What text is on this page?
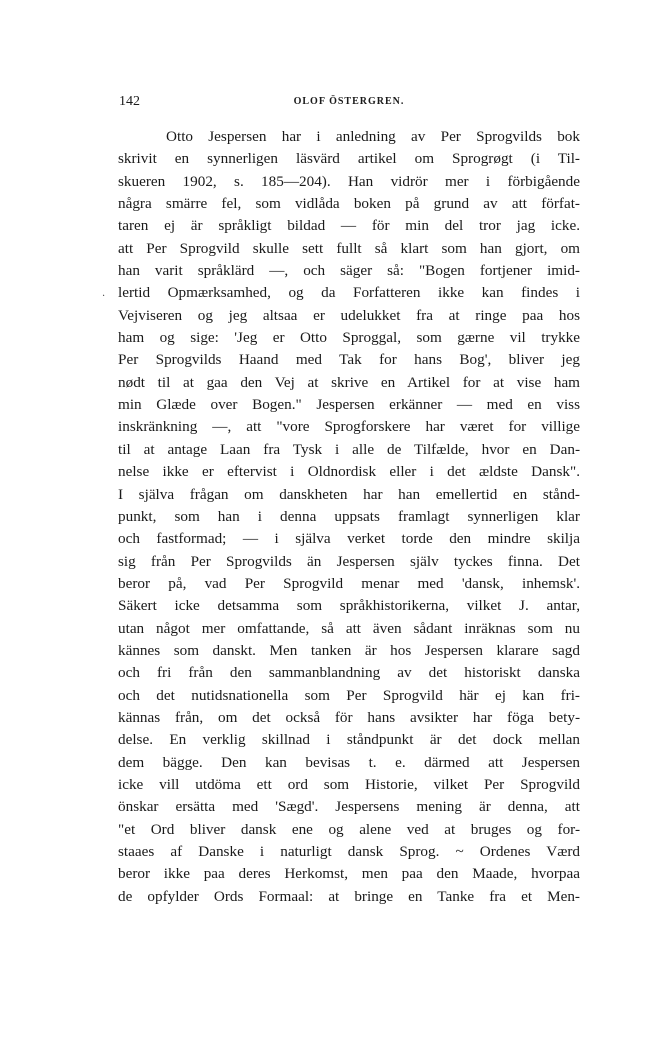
142	OLOF ÖSTERGREN.
.
Otto Jespersen har i anledning av Per Sprogvilds bok
skrivit en synnerligen läsvärd artikel om Sprogrøgt (i Til-
skueren 1902, s. 185—204). Han vidrör mer i förbigående
några smärre fel, som vidlåda boken på grund av att förfat-
taren ej är språkligt bildad — för min del tror jag icke.
att Per Sprogvild skulle sett fullt så klart som han gjort, om
han varit språklärd —, och säger så: "Bogen fortjener imid-
lertid Opmærksamhed, og da Forfatteren ikke kan findes i
Vejviseren og jeg altsaa er udelukket fra at ringe paa hos
ham og sige: 'Jeg er Otto Sproggal, som gærne vil trykke
Per Sprogvilds Haand med Tak for hans Bog', bliver jeg
nødt til at gaa den Vej at skrive en Artikel for at vise ham
min Glæde over Bogen." Jespersen erkänner — med en viss
inskränkning —, att "vore Sprogforskere har været for villige
til at antage Laan fra Tysk i alle de Tilfælde, hvor en Dan-
nelse ikke er eftervist i Oldnordisk eller i det ældste Dansk".
I själva frågan om danskheten har han emellertid en stånd-
punkt, som han i denna uppsats framlagt synnerligen klar
och fastformad; — i själva verket torde den mindre skilja
sig från Per Sprogvilds än Jespersen själv tyckes finna. Det
beror på, vad Per Sprogvild menar med 'dansk, inhemsk'.
Säkert icke detsamma som språkhistorikerna, vilket J. antar,
utan något mer omfattande, så att även sådant inräknas som nu
kännes som danskt. Men tanken är hos Jespersen klarare sagd
och fri från den sammanblandning av det historiskt danska
och det nutidsnationella som Per Sprogvild här ej kan fri-
kännas från, om det också för hans avsikter har föga bety-
delse. En verklig skillnad i ståndpunkt är det dock mellan
dem bägge. Den kan bevisas t. e. därmed att Jespersen
icke vill utdöma ett ord som Historie, vilket Per Sprogvild
önskar ersätta med 'Sægd'. Jespersens mening är denna, att
"et Ord bliver dansk ene og alene ved at bruges og for-
staaes af Danske i naturligt dansk Sprog. ~ Ordenes Værd
beror ikke paa deres Herkomst, men paa den Maade, hvorpaa
de opfylder Ords Formaal: at bringe en Tanke fra et Men-
